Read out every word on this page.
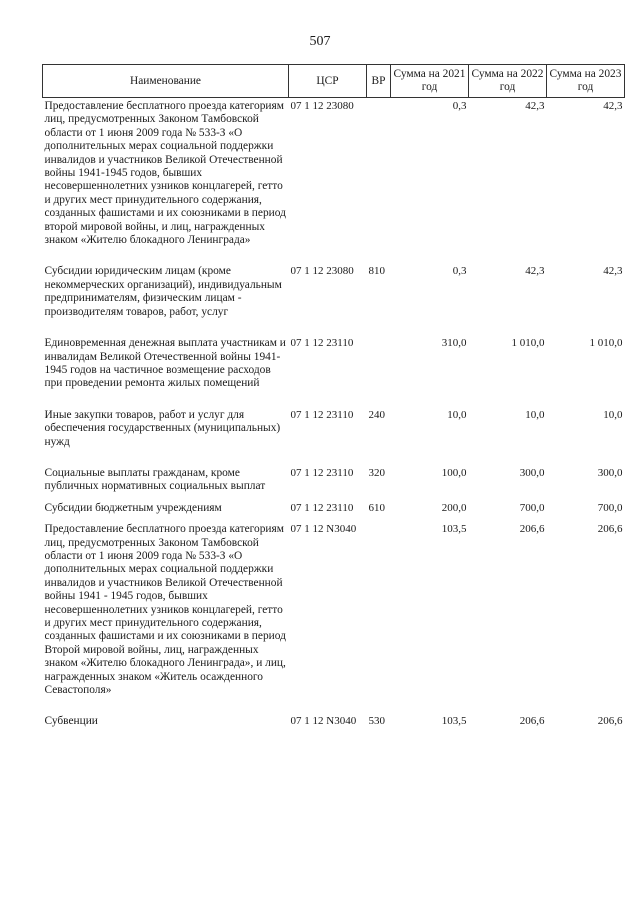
507
Наименование	ЦСР	ВР	Сумма на 2021 год	Сумма на 2022 год	Сумма на 2023 год
Предоставление бесплатного проезда категориям лиц, предусмотренных Законом Тамбовской области от 1 июня 2009 года № 533-З «О дополнительных мерах социальной поддержки инвалидов и участников Великой Отечественной войны 1941-1945 годов, бывших несовершеннолетних узников концлагерей, гетто и других мест принудительного содержания, созданных фашистами и их союзниками в период второй мировой войны, и лиц, награжденных знаком «Жителю блокадного Ленинграда»	07 1 12 23080		0,3	42,3	42,3
Субсидии юридическим лицам (кроме некоммерческих организаций), индивидуальным предпринимателям, физическим лицам - производителям товаров, работ, услуг	07 1 12 23080	810	0,3	42,3	42,3
Единовременная денежная выплата участникам и инвалидам Великой Отечественной войны 1941-1945 годов на частичное возмещение расходов при проведении ремонта жилых помещений	07 1 12 23110		310,0	1 010,0	1 010,0
Иные закупки товаров, работ и услуг для обеспечения государственных (муниципальных) нужд	07 1 12 23110	240	10,0	10,0	10,0
Социальные выплаты гражданам, кроме публичных нормативных социальных выплат	07 1 12 23110	320	100,0	300,0	300,0
Субсидии бюджетным учреждениям	07 1 12 23110	610	200,0	700,0	700,0
Предоставление бесплатного проезда категориям лиц, предусмотренных Законом Тамбовской области от 1 июня 2009 года № 533-З «О дополнительных мерах социальной поддержки инвалидов и участников Великой Отечественной войны 1941 - 1945 годов, бывших несовершеннолетних узников концлагерей, гетто и других мест принудительного содержания, созданных фашистами и их союзниками в период Второй мировой войны, лиц, награжденных знаком «Жителю блокадного Ленинграда», и лиц, награжденных знаком «Житель осажденного Севастополя»	07 1 12 N3040		103,5	206,6	206,6
Субвенции	07 1 12 N3040	530	103,5	206,6	206,6
